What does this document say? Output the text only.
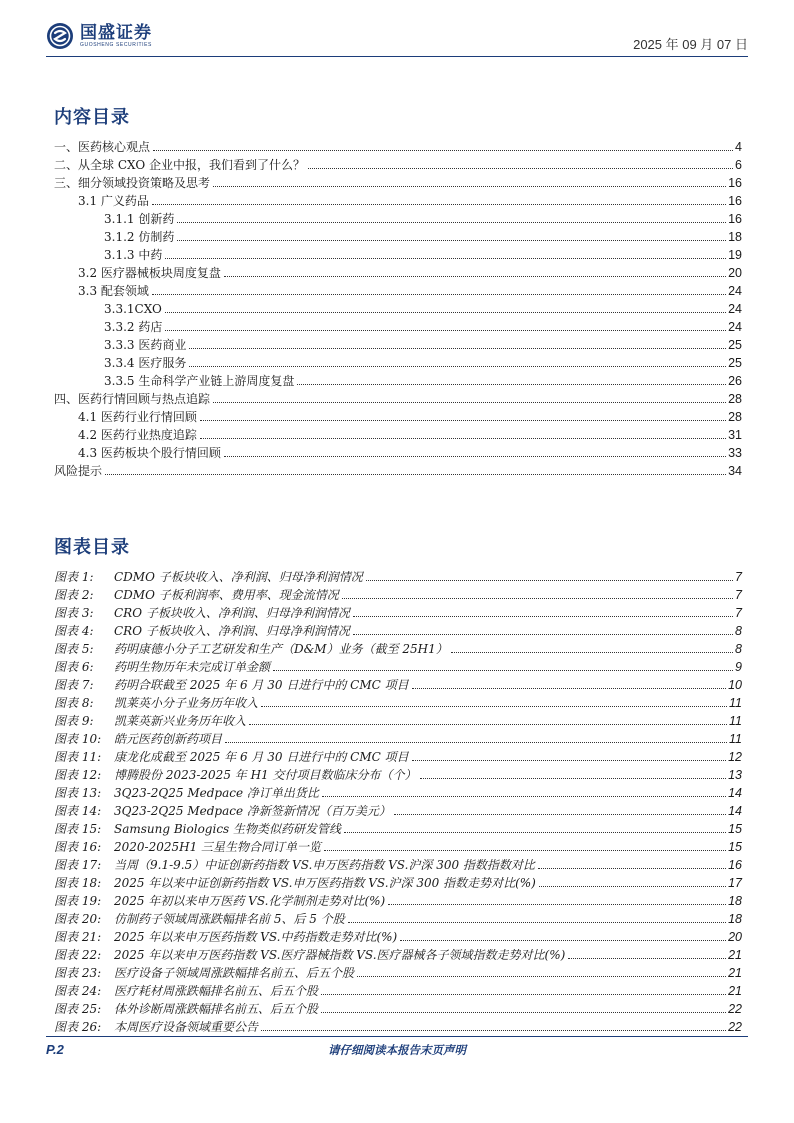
国盛证券
GUOSHENG SECURITIES	2025 年 09 月 07 日
内容目录
一、医药核心观点	4
二、从全球 CXO 企业中报，我们看到了什么？	6
三、细分领域投资策略及思考	16
3.1 广义药品	16
3.1.1 创新药	16
3.1.2 仿制药	18
3.1.3 中药	19
3.2 医疗器械板块周度复盘	20
3.3 配套领域	24
3.3.1CXO	24
3.3.2 药店	24
3.3.3 医药商业	25
3.3.4 医疗服务	25
3.3.5 生命科学产业链上游周度复盘	26
四、医药行情回顾与热点追踪	28
4.1 医药行业行情回顾	28
4.2 医药行业热度追踪	31
4.3 医药板块个股行情回顾	33
风险提示	34
图表目录
图表 1: CDMO 子板块收入、净利润、归母净利润情况	7
图表 2: CDMO 子板利润率、费用率、现金流情况	7
图表 3: CRO 子板块收入、净利润、归母净利润情况	7
图表 4: CRO 子板块收入、净利润、归母净利润情况	8
图表 5: 药明康德小分子工艺研发和生产（D&M）业务（截至 25H1）	8
图表 6: 药明生物历年未完成订单金额	9
图表 7: 药明合联截至 2025 年 6 月 30 日进行中的 CMC 项目	10
图表 8: 凯莱英小分子业务历年收入	11
图表 9: 凯莱英新兴业务历年收入	11
图表 10: 皓元医药创新药项目	11
图表 11: 康龙化成截至 2025 年 6 月 30 日进行中的 CMC 项目	12
图表 12: 博腾股份 2023-2025 年 H1 交付项目数临床分布（个）	13
图表 13: 3Q23-2Q25 Medpace 净订单出货比	14
图表 14: 3Q23-2Q25 Medpace 净新签新情况（百万美元）	14
图表 15: Samsung Biologics 生物类似药研发管线	15
图表 16: 2020-2025H1 三星生物合同订单一览	15
图表 17: 当周（9.1-9.5）中证创新药指数 VS.申万医药指数 VS.沪深 300 指数指数对比	16
图表 18: 2025 年以来中证创新药指数 VS.申万医药指数 VS.沪深 300 指数走势对比(%)	17
图表 19: 2025 年初以来申万医药 VS.化学制剂走势对比(%)	18
图表 20: 仿制药子领域周涨跌幅排名前 5、后 5 个股	18
图表 21: 2025 年以来申万医药指数 VS.中药指数走势对比(%)	20
图表 22: 2025 年以来申万医药指数 VS.医疗器械指数 VS.医疗器械各子领域指数走势对比(%)	21
图表 23: 医疗设备子领域周涨跌幅排名前五、后五个股	21
图表 24: 医疗耗材周涨跌幅排名前五、后五个股	21
图表 25: 体外诊断周涨跌幅排名前五、后五个股	22
图表 26: 本周医疗设备领域重要公告	22
P.2	请仔细阅读本报告末页声明
